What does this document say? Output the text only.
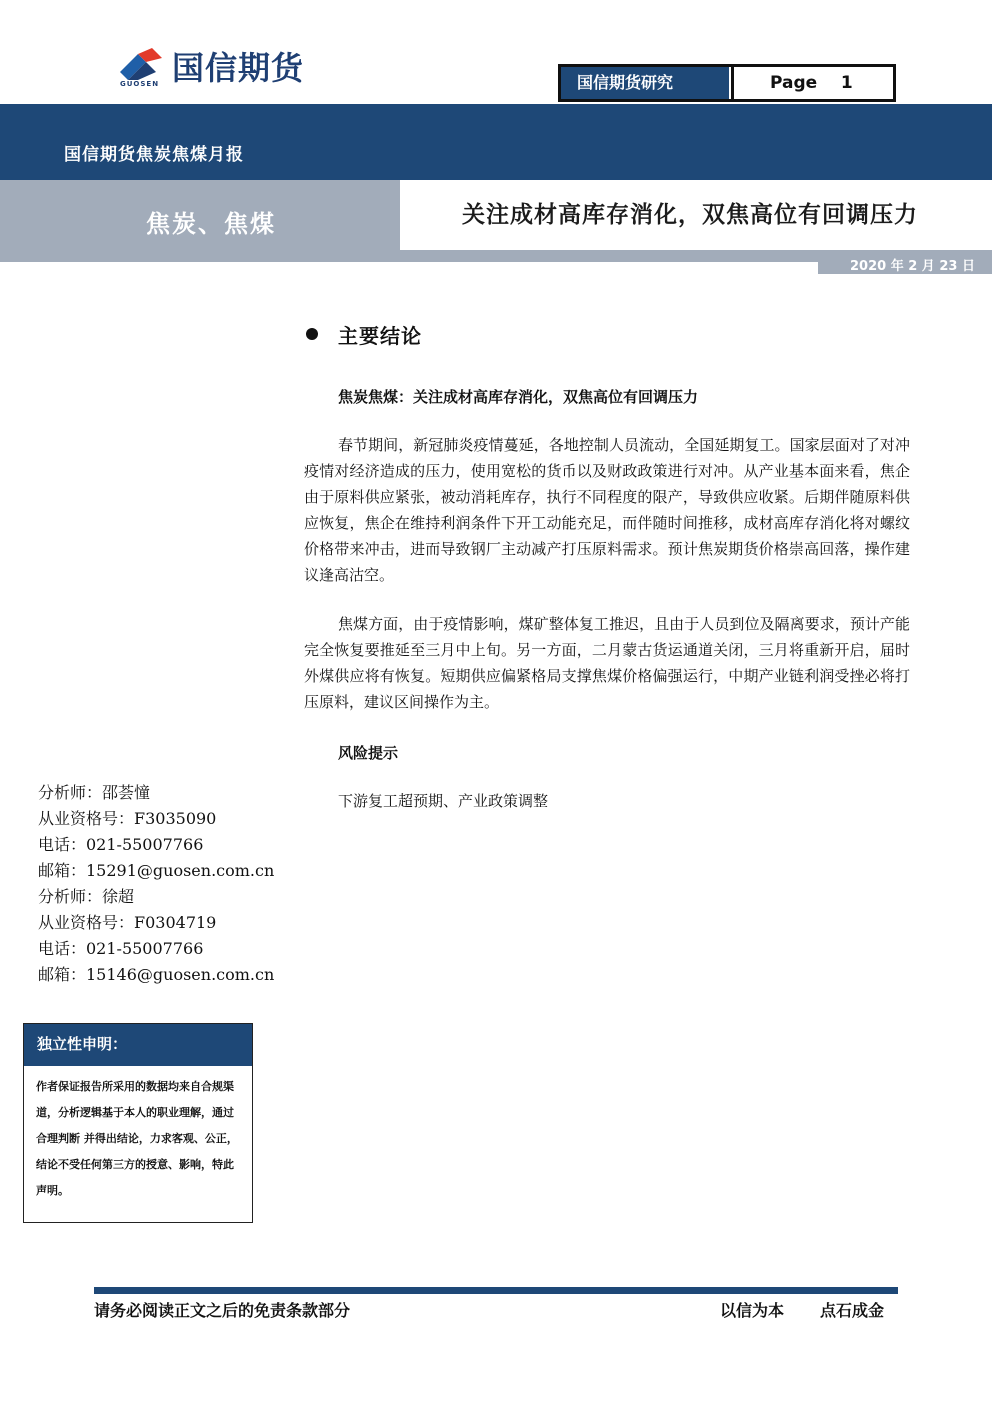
GUOSEN 国信期货	国信期货研究	Page 1
国信期货焦炭焦煤月报
焦炭、焦煤	关注成材高库存消化，双焦高位有回调压力
2020 年 2 月 23 日
主要结论
焦炭焦煤：关注成材高库存消化，双焦高位有回调压力

春节期间，新冠肺炎疫情蔓延，各地控制人员流动，全国延期复工。国家层面对了对冲疫情对经济造成的压力，使用宽松的货币以及财政政策进行对冲。从产业基本面来看，焦企由于原料供应紧张，被动消耗库存，执行不同程度的限产，导致供应收紧。后期伴随原料供应恢复，焦企在维持利润条件下开工动能充足，而伴随时间推移，成材高库存消化将对螺纹价格带来冲击，进而导致钢厂主动减产打压原料需求。预计焦炭期货价格崇高回落，操作建议逢高沽空。

焦煤方面，由于疫情影响，煤矿整体复工推迟，且由于人员到位及隔离要求，预计产能完全恢复要推延至三月中上旬。另一方面，二月蒙古货运通道关闭，三月将重新开启，届时外煤供应将有恢复。短期供应偏紧格局支撑焦煤价格偏强运行，中期产业链利润受挫必将打压原料，建议区间操作为主。

风险提示
下游复工超预期、产业政策调整

分析师：邵荟憧

从业资格号：F3035090

电话：021-55007766

邮箱：15291@guosen.com.cn

分析师：徐超

从业资格号：F0304719

电话：021-55007766

邮箱：15146@guosen.com.cn

独立性申明：

作者保证报告所采用的数据均来自合规渠道，分析逻辑基于本人的职业理解，通过合理判断 并得出结论，力求客观、公正，结论不受任何第三方的授意、影响，特此声明。

请务必阅读正文之后的免责条款部分	以信为本 点石成金
